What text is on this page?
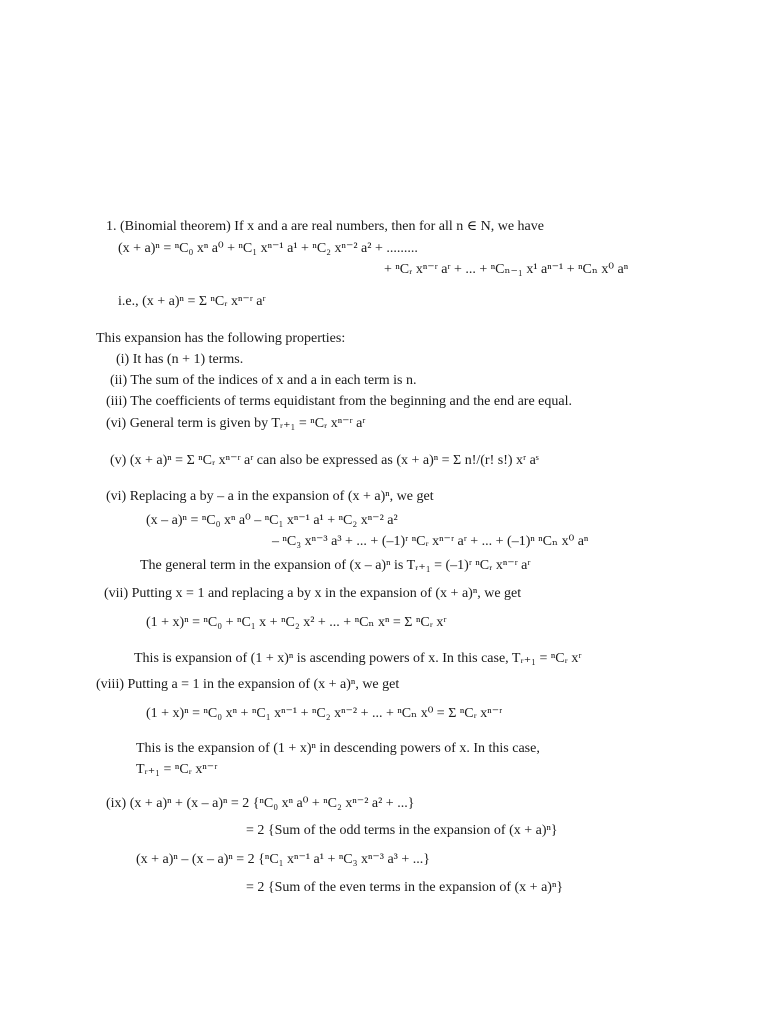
1. (Binomial theorem) If x and a are real numbers, then for all n ∈ N, we have
(x + a)ⁿ = ⁿC₀ xⁿ a⁰ + ⁿC₁ xⁿ⁻¹ a¹ + ⁿC₂ xⁿ⁻² a² + .........
+ ⁿCᵣ xⁿ⁻ʳ aʳ + ... + ⁿCₙ₋₁ x¹ aⁿ⁻¹ + ⁿCₙ x⁰ aⁿ
i.e., (x + a)ⁿ = Σ ⁿCᵣ xⁿ⁻ʳ aʳ
This expansion has the following properties:
(i) It has (n + 1) terms.
(ii) The sum of the indices of x and a in each term is n.
(iii) The coefficients of terms equidistant from the beginning and the end are equal.
(vi) General term is given by Tᵣ₊₁ = ⁿCᵣ xⁿ⁻ʳ aʳ
(v) (x + a)ⁿ = Σ ⁿCᵣ xⁿ⁻ʳ aʳ can also be expressed as (x + a)ⁿ = Σ n!/(r! s!) xʳ aˢ
(vi) Replacing a by – a in the expansion of (x + a)ⁿ, we get
(x – a)ⁿ = ⁿC₀ xⁿ a⁰ – ⁿC₁ xⁿ⁻¹ a¹ + ⁿC₂ xⁿ⁻² a²
– ⁿC₃ xⁿ⁻³ a³ + ... + (–1)ʳ ⁿCᵣ xⁿ⁻ʳ aʳ + ... + (–1)ⁿ ⁿCₙ x⁰ aⁿ
The general term in the expansion of (x – a)ⁿ is Tᵣ₊₁ = (–1)ʳ ⁿCᵣ xⁿ⁻ʳ aʳ
(vii) Putting x = 1 and replacing a by x in the expansion of (x + a)ⁿ, we get
(1 + x)ⁿ = ⁿC₀ + ⁿC₁ x + ⁿC₂ x² + ... + ⁿCₙ xⁿ = Σ ⁿCᵣ xʳ
This is expansion of (1 + x)ⁿ is ascending powers of x. In this case, Tᵣ₊₁ = ⁿCᵣ xʳ
(viii) Putting a = 1 in the expansion of (x + a)ⁿ, we get
(1 + x)ⁿ = ⁿC₀ xⁿ + ⁿC₁ xⁿ⁻¹ + ⁿC₂ xⁿ⁻² + ... + ⁿCₙ x⁰ = Σ ⁿCᵣ xⁿ⁻ʳ
This is the expansion of (1 + x)ⁿ in descending powers of x. In this case,
Tᵣ₊₁ = ⁿCᵣ xⁿ⁻ʳ
(ix) (x + a)ⁿ + (x – a)ⁿ = 2 {ⁿC₀ xⁿ a⁰ + ⁿC₂ xⁿ⁻² a² + ...}
= 2 {Sum of the odd terms in the expansion of (x + a)ⁿ}
(x + a)ⁿ – (x – a)ⁿ = 2 {ⁿC₁ xⁿ⁻¹ a¹ + ⁿC₃ xⁿ⁻³ a³ + ...}
= 2 {Sum of the even terms in the expansion of (x + a)ⁿ}
